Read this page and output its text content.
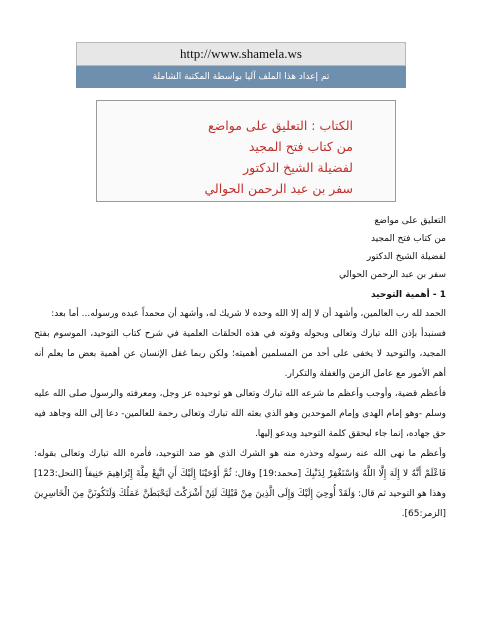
http://www.shamela.ws
تم إعداد هذا الملف آليا بواسطة المكتبة الشاملة
الكتاب : التعليق على مواضع
من كتاب فتح المجيد
لفضيلة الشيخ الدكتور
سفر بن عبد الرحمن الحوالي
التعليق على مواضع
من كتاب فتح المجيد
لفضيلة الشيخ الدكتور
سفر بن عبد الرحمن الحوالي
1 - أهمية التوحيد
الحمد لله رب العالمين، وأشهد أن لا إله إلا الله وحده لا شريك له، وأشهد أن محمداً عبده ورسوله... أما بعد:
فسنبدأ بإذن الله تبارك وتعالى وبحوله وقوته في هذه الحلقات العلمية في شرح كتاب التوحيد، الموسوم بفتح المجيد، والتوحيد لا يخفى على أحد من المسلمين أهميته؛ ولكن ربما غفل الإنسان عن أهمية بعض ما يعلم أنه أهم الأمور مع عامل الزمن والغفلة والتكرار.
فأعظم قضية، وأوجب وأعظم ما شرعه الله تبارك وتعالى هو توحيده عز وجل، ومعرفته والرسول صلى الله عليه وسلم -وهو إمام الهدى وإمام الموحدين وهو الذي بعثه الله تبارك وتعالى رحمة للعالمين- دعا إلى الله وجاهد فيه حق جهاده، إنما جاء ليحقق كلمة التوحيد ويدعو إليها.
وأعظم ما نهى الله عنه رسوله وحذره منه هو الشرك الذي هو ضد التوحيد، فأمره الله تبارك وتعالى بقوله: فَاعْلَمْ أَنَّهُ لا إِلَهَ إِلَّا اللَّهُ وَاسْتَغْفِرْ لِذَنْبِكَ [محمد:19] وقال: ثُمَّ أَوْحَيْنَا إِلَيْكَ أَنِ اتَّبِعْ مِلَّةَ إِبْرَاهِيمَ حَنِيفاً [النحل:123] وهذا هو التوحيد ثم قال: وَلَقَدْ أُوحِيَ إِلَيْكَ وَإِلَى الَّذِينَ مِنْ قَبْلِكَ لَئِنْ أَشْرَكْتَ لَيَحْبَطَنَّ عَمَلُكَ وَلَتَكُونَنَّ مِنَ الْخَاسِرِينَ [الزمر:65].
